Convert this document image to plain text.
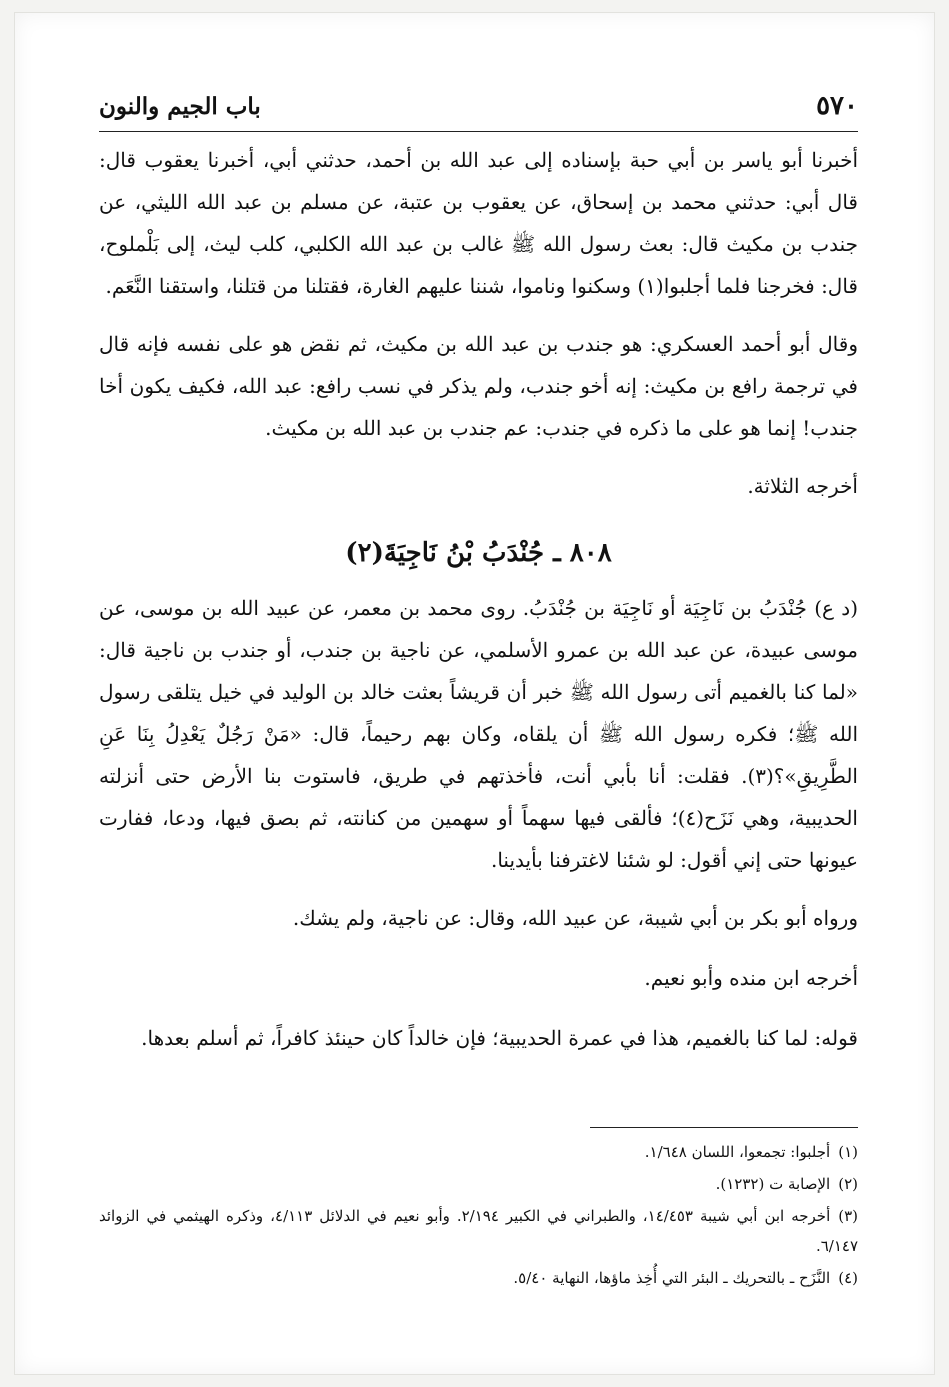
٥٧٠
باب الجيم والنون

أخبرنا أبو ياسر بن أبي حبة بإسناده إلى عبد الله بن أحمد، حدثني أبي، أخبرنا يعقوب قال: قال أبي: حدثني محمد بن إسحاق، عن يعقوب بن عتبة، عن مسلم بن عبد الله الليثي، عن جندب بن مكيث قال: بعث رسول الله ﷺ غالب بن عبد الله الكلبي، كلب ليث، إلى بَلْملوح، قال: فخرجنا فلما أجلبوا(١) وسكنوا وناموا، شننا عليهم الغارة، فقتلنا من قتلنا، واستقنا النَّعَم.

وقال أبو أحمد العسكري: هو جندب بن عبد الله بن مكيث، ثم نقض هو على نفسه فإنه قال في ترجمة رافع بن مكيث: إنه أخو جندب، ولم يذكر في نسب رافع: عبد الله، فكيف يكون أخا جندب! إنما هو على ما ذكره في جندب: عم جندب بن عبد الله بن مكيث.

أخرجه الثلاثة.

٨٠٨ ـ جُنْدَبُ بْنُ نَاجِيَةَ(٢)

(د ع) جُنْدَبُ بن نَاجِيَة أو نَاجِيَة بن جُنْدَبُ. روى محمد بن معمر، عن عبيد الله بن موسى، عن موسى عبيدة، عن عبد الله بن عمرو الأسلمي، عن ناجية بن جندب، أو جندب بن ناجية قال: «لما كنا بالغميم أتى رسول الله ﷺ خبر أن قريشاً بعثت خالد بن الوليد في خيل يتلقى رسول الله ﷺ؛ فكره رسول الله ﷺ أن يلقاه، وكان بهم رحيماً، قال: «مَنْ رَجُلٌ يَعْدِلُ بِنَا عَنِ الطَّرِيقِ»؟(٣). فقلت: أنا بأبي أنت، فأخذتهم في طريق، فاستوت بنا الأرض حتى أنزلته الحديبية، وهي نَزَح(٤)؛ فألقى فيها سهماً أو سهمين من كنانته، ثم بصق فيها، ودعا، ففارت عيونها حتى إني أقول: لو شئنا لاغترفنا بأيدينا.

ورواه أبو بكر بن أبي شيبة، عن عبيد الله، وقال: عن ناجية، ولم يشك.

أخرجه ابن منده وأبو نعيم.

قوله: لما كنا بالغميم، هذا في عمرة الحديبية؛ فإن خالداً كان حينئذ كافراً، ثم أسلم بعدها.

(١)أجلبوا: تجمعوا، اللسان ١/٦٤٨.

(٢)الإصابة ت (١٢٣٢).

(٣)أخرجه ابن أبي شيبة ١٤/٤٥٣، والطبراني في الكبير ٢/١٩٤. وأبو نعيم في الدلائل ٤/١١٣، وذكره الهيثمي في الزوائد ٦/١٤٧.

(٤)النَّزَح ـ بالتحريك ـ البئر التي أُخِذ ماؤها، النهاية ٥/٤٠.
